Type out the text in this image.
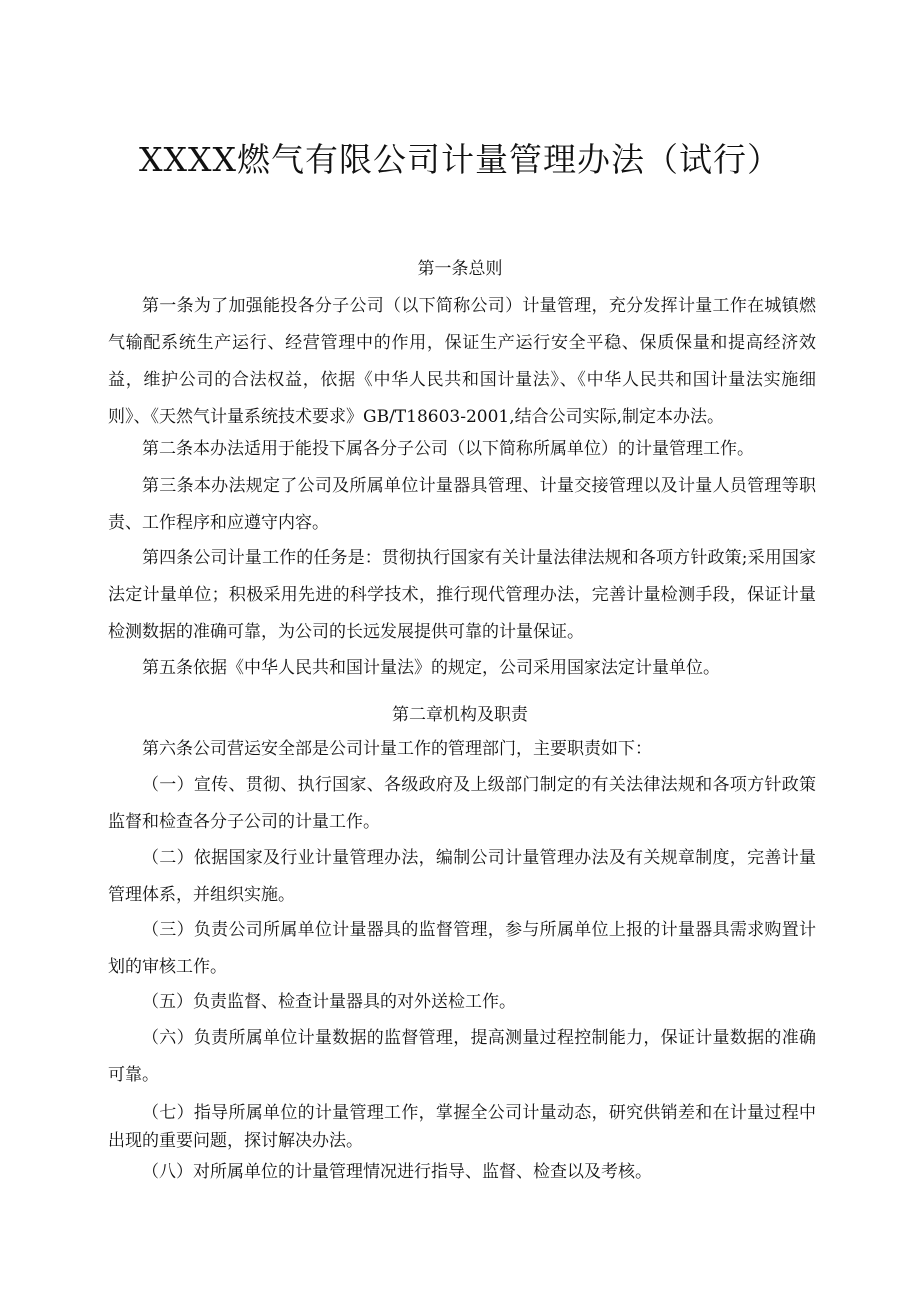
XXXX燃气有限公司计量管理办法（试行）
第一条总则

第一条为了加强能投各分子公司（以下简称公司）计量管理，充分发挥计量工作在城镇燃气输配系统生产运行、经营管理中的作用，保证生产运行安全平稳、保质保量和提高经济效益，维护公司的合法权益，依据《中华人民共和国计量法》、《中华人民共和国计量法实施细则》、《天然气计量系统技术要求》GB/T18603-2001,结合公司实际,制定本办法。

第二条本办法适用于能投下属各分子公司（以下简称所属单位）的计量管理工作。

第三条本办法规定了公司及所属单位计量器具管理、计量交接管理以及计量人员管理等职责、工作程序和应遵守内容。

第四条公司计量工作的任务是：贯彻执行国家有关计量法律法规和各项方针政策;采用国家法定计量单位；积极采用先进的科学技术，推行现代管理办法，完善计量检测手段，保证计量检测数据的准确可靠，为公司的长远发展提供可靠的计量保证。

第五条依据《中华人民共和国计量法》的规定，公司采用国家法定计量单位。

第二章机构及职责

第六条公司营运安全部是公司计量工作的管理部门，主要职责如下：

（一）宣传、贯彻、执行国家、各级政府及上级部门制定的有关法律法规和各项方针政策监督和检查各分子公司的计量工作。

（二）依据国家及行业计量管理办法，编制公司计量管理办法及有关规章制度，完善计量管理体系，并组织实施。

（三）负责公司所属单位计量器具的监督管理，参与所属单位上报的计量器具需求购置计划的审核工作。

（五）负责监督、检查计量器具的对外送检工作。

（六）负责所属单位计量数据的监督管理，提高测量过程控制能力，保证计量数据的准确可靠。

（七）指导所属单位的计量管理工作，掌握全公司计量动态，研究供销差和在计量过程中出现的重要问题，探讨解决办法。

（八）对所属单位的计量管理情况进行指导、监督、检查以及考核。
